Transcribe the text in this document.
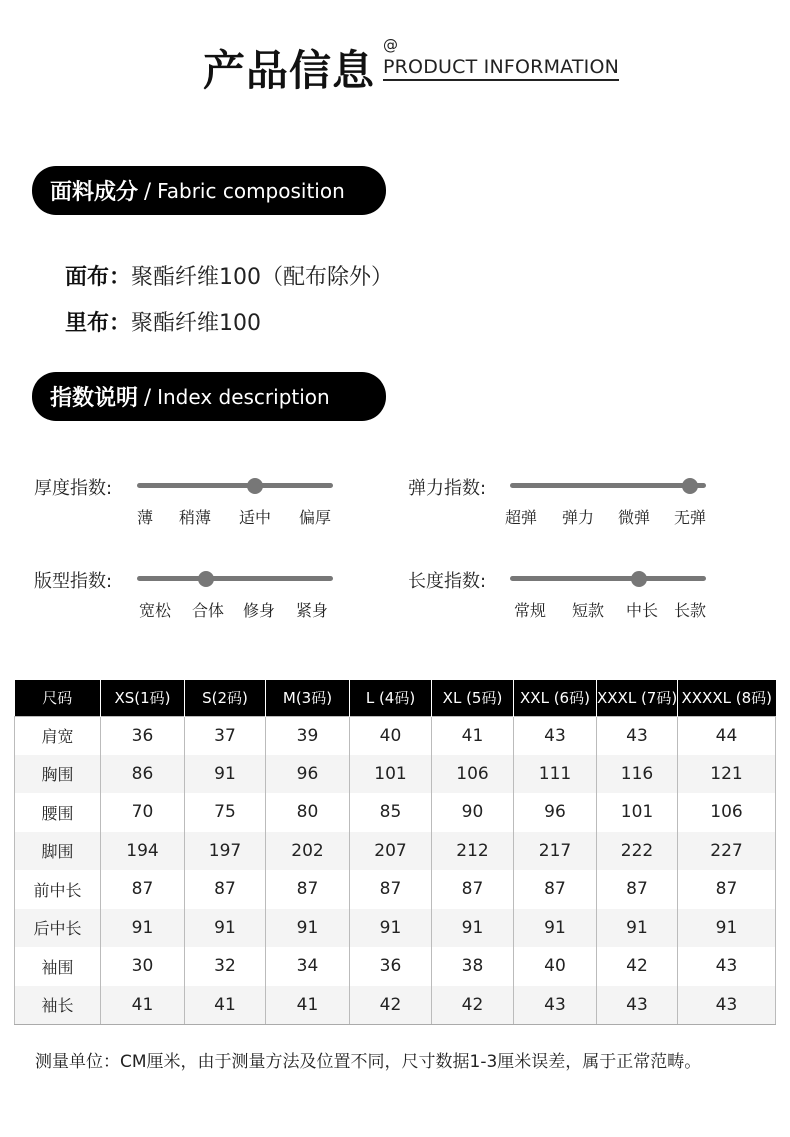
产品信息
@
PRODUCT INFORMATION
面料成分 / Fabric composition
面布：聚酯纤维100（配布除外）
里布：聚酯纤维100
指数说明 / Index description
厚度指数:
薄 稍薄 适中 偏厚
弹力指数:
超弹 弹力 微弹 无弹
版型指数:
宽松 合体 修身 紧身
长度指数:
常规 短款 中长 长款
尺码	XS(1码)	S(2码)	M(3码)	L (4码)	XL (5码)	XXL (6码)	XXXL (7码)	XXXXL (8码)
肩宽	36	37	39	40	41	43	43	44
胸围	86	91	96	101	106	111	116	121
腰围	70	75	80	85	90	96	101	106
脚围	194	197	202	207	212	217	222	227
前中长	87	87	87	87	87	87	87	87
后中长	91	91	91	91	91	91	91	91
袖围	30	32	34	36	38	40	42	43
袖长	41	41	41	42	42	43	43	43
测量单位：CM厘米，由于测量方法及位置不同，尺寸数据1-3厘米误差，属于正常范畴。
